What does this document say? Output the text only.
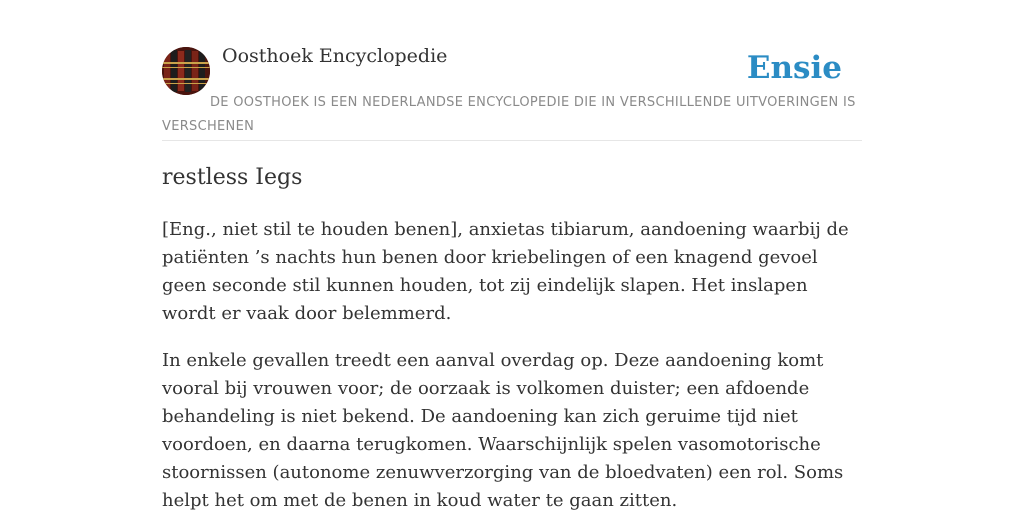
Oosthoek Encyclopedie	Ensie
DE OOSTHOEK IS EEN NEDERLANDSE ENCYCLOPEDIE DIE IN VERSCHILLENDE UITVOERINGEN IS VERSCHENEN
restless Iegs

[Eng., niet stil te houden benen], anxietas tibiarum, aandoening waarbij de patiënten ’s nachts hun benen door kriebelingen of een knagend gevoel geen seconde stil kunnen houden, tot zij eindelijk slapen. Het inslapen wordt er vaak door belemmerd.

In enkele gevallen treedt een aanval overdag op. Deze aandoening komt vooral bij vrouwen voor; de oorzaak is volkomen duister; een afdoende behandeling is niet bekend. De aandoening kan zich geruime tijd niet voordoen, en daarna terugkomen. Waarschijnlijk spelen vasomotorische stoornissen (autonome zenuwverzorging van de bloedvaten) een rol. Soms helpt het om met de benen in koud water te gaan zitten.
